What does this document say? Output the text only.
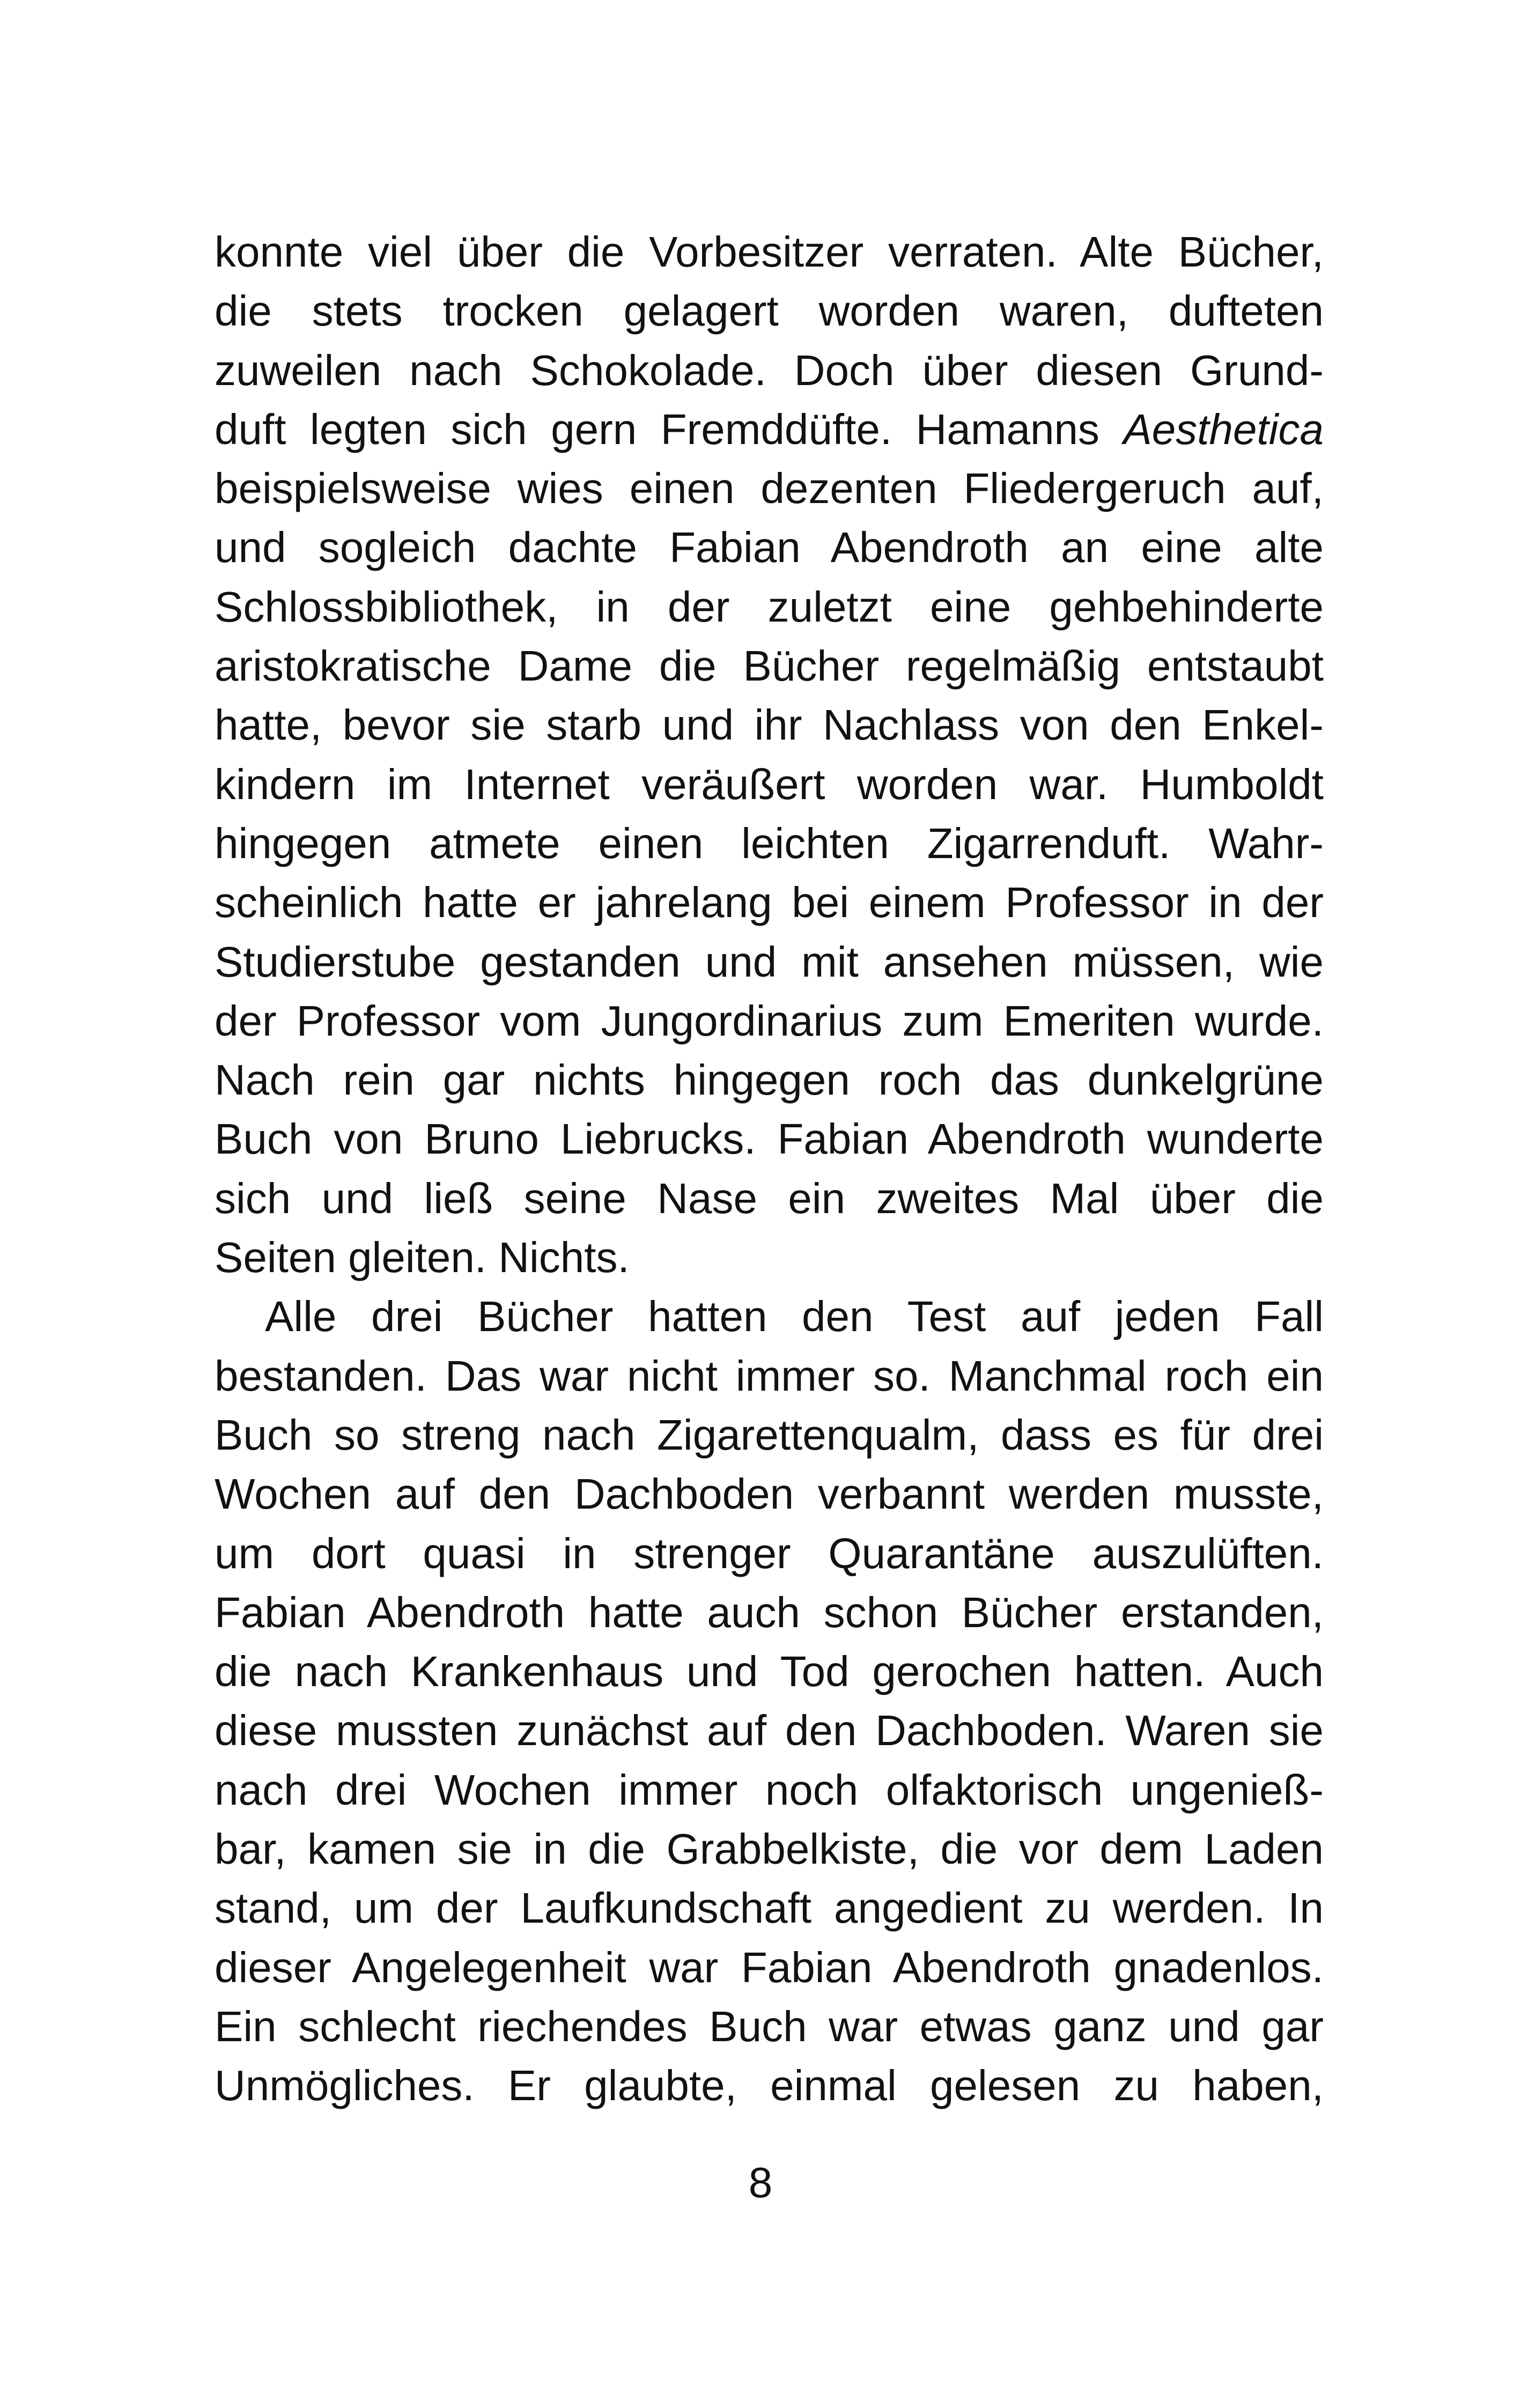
konnte viel über die Vorbesitzer verraten. Alte Bücher,
die stets trocken gelagert worden waren, dufteten
zuweilen nach Schokolade. Doch über diesen Grund-
duft legten sich gern Fremddüfte. Hamanns Aesthetica
beispielsweise wies einen dezenten Fliedergeruch auf,
und sogleich dachte Fabian Abendroth an eine alte
Schlossbibliothek, in der zuletzt eine gehbehinderte
aristokratische Dame die Bücher regelmäßig entstaubt
hatte, bevor sie starb und ihr Nachlass von den Enkel-
kindern im Internet veräußert worden war. Humboldt
hingegen atmete einen leichten Zigarrenduft. Wahr-
scheinlich hatte er jahrelang bei einem Professor in der
Studierstube gestanden und mit ansehen müssen, wie
der Professor vom Jungordinarius zum Emeriten wurde.
Nach rein gar nichts hingegen roch das dunkelgrüne
Buch von Bruno Liebrucks. Fabian Abendroth wunderte
sich und ließ seine Nase ein zweites Mal über die
Seiten gleiten. Nichts.
Alle drei Bücher hatten den Test auf jeden Fall
bestanden. Das war nicht immer so. Manchmal roch ein
Buch so streng nach Zigarettenqualm, dass es für drei
Wochen auf den Dachboden verbannt werden musste,
um dort quasi in strenger Quarantäne auszulüften.
Fabian Abendroth hatte auch schon Bücher erstanden,
die nach Krankenhaus und Tod gerochen hatten. Auch
diese mussten zunächst auf den Dachboden. Waren sie
nach drei Wochen immer noch olfaktorisch ungenieß-
bar, kamen sie in die Grabbelkiste, die vor dem Laden
stand, um der Laufkundschaft angedient zu werden. In
dieser Angelegenheit war Fabian Abendroth gnadenlos.
Ein schlecht riechendes Buch war etwas ganz und gar
Unmögliches. Er glaubte, einmal gelesen zu haben,
8
